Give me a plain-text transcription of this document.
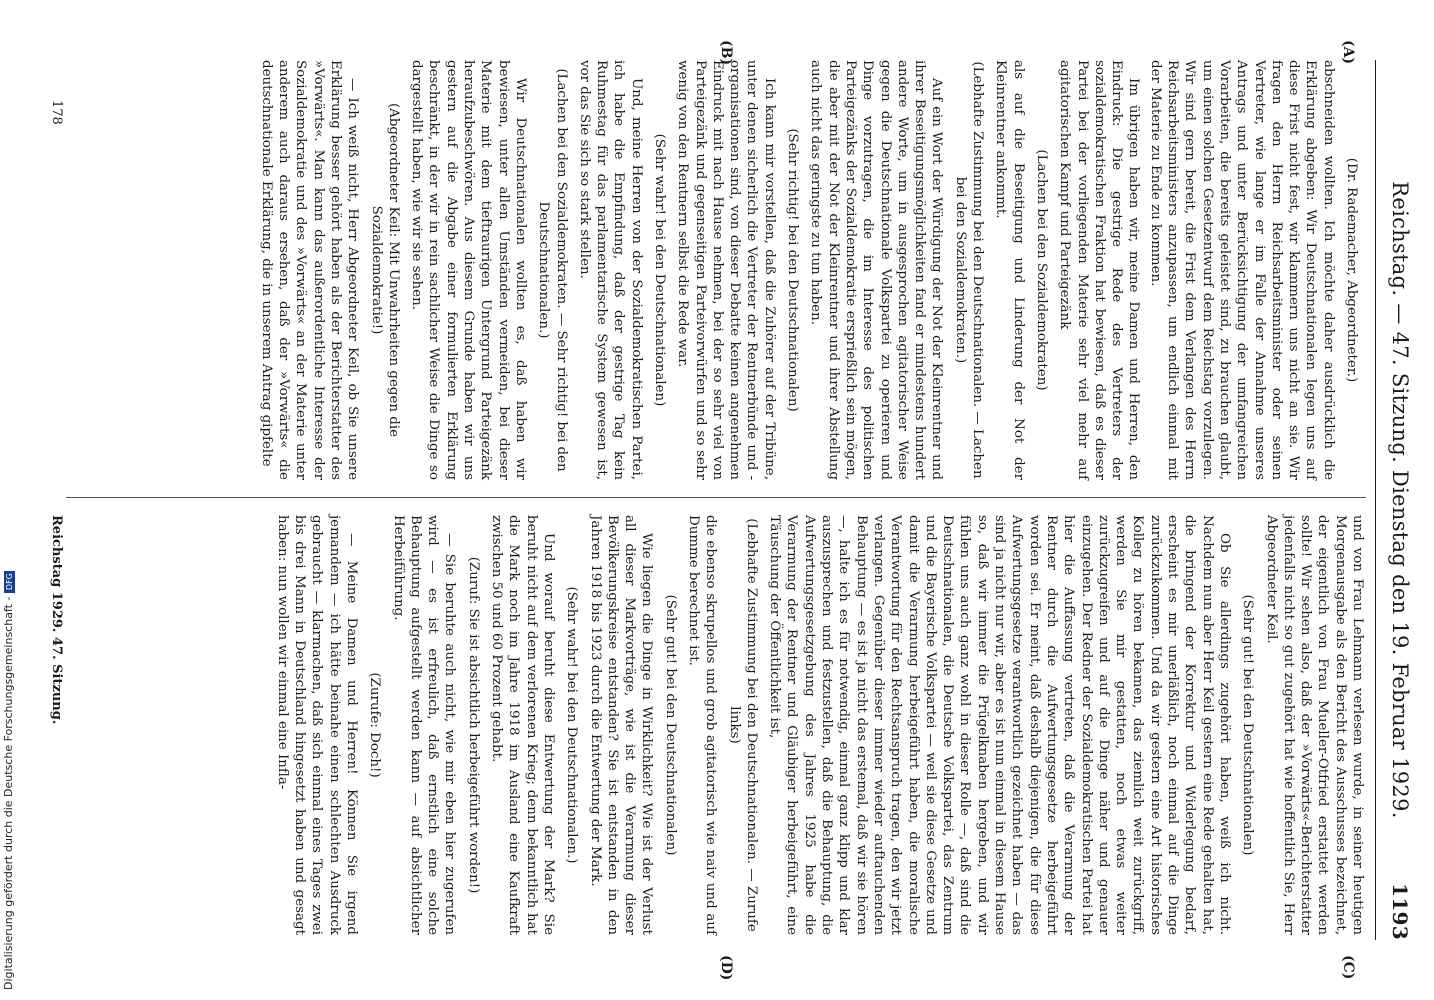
Reichstag. — 47. Sitzung. Dienstag den 19. Februar 1929.
1193
(A)
(B)
(C)
(D)

(Dr. Rademacher, Abgeordneter.)

abschneiden wollten. Ich möchte daher ausdrücklich die Erklärung abgeben: Wir Deutschnationalen legen uns auf diese Frist nicht fest, wir klammern uns nicht an sie. Wir fragen den Herrn Reichsarbeitsminister oder seinen Vertreter, wie lange er im Falle der Annahme unseres Antrags und unter Berücksichtigung der umfangreichen Vorarbeiten, die bereits geleistet sind, zu brauchen glaubt, um einen solchen Gesetzentwurf dem Reichstag vorzulegen. Wir sind gern bereit, die Frist dem Verlangen des Herrn Reichsarbeitsministers anzupassen, um endlich einmal mit der Materie zu Ende zu kommen.

Im übrigen haben wir, meine Damen und Herren, den Eindruck: Die gestrige Rede des Vertreters der sozialdemokratischen Fraktion hat bewiesen, daß es dieser Partei bei der vorliegenden Materie sehr viel mehr auf agitatorischen Kampf und Parteigezänk

(Lachen bei den Sozialdemokraten)

als auf die Beseitigung und Linderung der Not der Kleinrentner ankommt.

(Lebhafte Zustimmung bei den Deutschnationalen. — Lachen bei den Sozialdemokraten.)

Auf ein Wort der Würdigung der Not der Kleinrentner und ihrer Beseitigungsmöglichkeiten fand er mindestens hundert andere Worte, um in ausgesprochen agitatorischer Weise gegen die Deutschnationale Volkspartei zu operieren und Dinge vorzutragen, die im Interesse des politischen Parteigezänks der Sozialdemokratie ersprießlich sein mögen, die aber mit der Not der Kleinrentner und ihrer Abstellung auch nicht das geringste zu tun haben.

(Sehr richtig! bei den Deutschnationalen)

Ich kann mir vorstellen, daß die Zuhörer auf der Tribüne, unter denen sicherlich die Vertreter der Rentnerbünde und -organisationen sind, von dieser Debatte keinen angenehmen Eindruck mit nach Hause nehmen, bei der so sehr viel von Parteigezänk und gegenseitigen Parteivorwürfen und so sehr wenig von den Rentnern selbst die Rede war.

(Sehr wahr! bei den Deutschnationalen)

Und, meine Herren von der Sozialdemokratischen Partei, ich habe die Empfindung, daß der gestrige Tag kein Ruhmestag für das parlamentarische System gewesen ist, vor das Sie sich so stark stellen.

(Lachen bei den Sozialdemokraten. — Sehr richtig! bei den Deutschnationalen.)

Wir Deutschnationalen wollten es, daß haben wir bewiesen, unter allen Umständen vermeiden, bei dieser Materie mit dem tieftraurigen Untergrund Parteigezänk heraufzubeschwören. Aus diesem Grunde haben wir uns gestern auf die Abgabe einer formulierten Erklärung beschränkt, in der wir in rein sachlicher Weise die Dinge so dargestellt haben, wie wir sie sehen.

(Abgeordneter Keil: Mit Unwahrheiten gegen die Sozialdemokratie!)

— Ich weiß nicht, Herr Abgeordneter Keil, ob Sie unsere Erklärung besser gehört haben als der Berichterstatter des »Vorwärts«. Man kann das außerordentliche Interesse der Sozialdemokratie und des »Vorwärts« an der Materie unter anderem auch daraus ersehen, daß der »Vorwärts« die deutschnationale Erklärung, die in unserem Antrag gipfelte

und von Frau Lehmann verlesen wurde, in seiner heutigen Morgenausgabe als den Bericht des Ausschusses bezeichnet, der eigentlich von Frau Mueller-Otfried erstattet werden sollte! Wir sehen also, daß der »Vorwärts«-Berichterstatter jedenfalls nicht so gut zugehört hat wie hoffentlich Sie, Herr Abgeordneter Keil.

(Sehr gut! bei den Deutschnationalen)

Ob Sie allerdings zugehört haben, weiß ich nicht. Nachdem nun aber Herr Keil gestern eine Rede gehalten hat, die bringend der Korrektur und Widerlegung bedarf, erscheint es mir unerläßlich, noch einmal auf die Dinge zurückzukommen. Und da wir gestern eine Art historisches Kolleg zu hören bekamen, das ziemlich weit zurückgriff, werden Sie mir gestatten, noch etwas weiter zurückzugreifen und auf die Dinge näher und genauer einzugehen. Der Redner der Sozialdemokratischen Partei hat hier die Auffassung vertreten, daß die Verarmung der Rentner durch die Aufwertungsgesetze herbeigeführt worden sei. Er meint, daß deshalb diejenigen, die für diese Aufwertungsgesetze verantwortlich gezeichnet haben — das sind ja nicht nur wir, aber es ist nun einmal in diesem Hause so, daß wir immer die Prügelknaben hergeben, und wir fühlen uns auch ganz wohl in dieser Rolle —, daß sind die Deutschnationalen, die Deutsche Volkspartei, das Zentrum und die Bayerische Volkspartei — weil sie diese Gesetze und damit die Verarmung herbeigeführt haben, die moralische Verantwortung für den Rechtsanspruch tragen, den wir jetzt verlangen. Gegenüber dieser immer wieder auftauchenden Behauptung — es ist ja nicht das erstemal, daß wir sie hören —, halte ich es für notwendig, einmal ganz klipp und klar auszusprechen und festzustellen, daß die Behauptung, die Aufwertungsgesetzgebung des Jahres 1925 habe die Verarmung der Rentner und Gläubiger herbeigeführt, eine Täuschung der Öffentlichkeit ist,

(Lebhafte Zustimmung bei den Deutschnationalen. — Zurufe links)

die ebenso skrupellos und grob agitatorisch wie naiv und auf Dumme berechnet ist.

(Sehr gut! bei den Deutschnationalen)

Wie liegen die Dinge in Wirklichkeit? Wie ist der Verlust all dieser Markvorträge, wie ist die Verarmung dieser Bevölkerungskreise entstanden? Sie ist entstanden in den Jahren 1918 bis 1923 durch die Entwertung der Mark.

(Sehr wahr! bei den Deutschnationalen.)

Und worauf beruht diese Entwertung der Mark? Sie beruht nicht auf dem verlorenen Krieg; denn bekanntlich hat die Mark noch im Jahre 1918 im Ausland eine Kaufkraft zwischen 50 und 60 Prozent gehabt.

(Zuruf: Sie ist absichtlich herbeigeführt worden!)

— Sie beruhte auch nicht, wie mir eben hier zugerufen wird — es ist erfreulich, daß ernstlich eine solche Behauptung aufgestellt werden kann — auf absichtlicher Herbeiführung.

(Zurufe: Doch!)

— Meine Damen und Herren! Können Sie irgend jemandem — ich hätte beinahe einen schlechten Ausdruck gebraucht — klarmachen, daß sich einmal eines Tages zwei bis drei Mann in Deutschland hingesetzt haben und gesagt haben: nun wollen wir einmal eine Infla-

178
Reichstag 1929. 47. Sitzung.
Digitalisierung gefördert durch die Deutsche Forschungsgemeinschaft -DFG
